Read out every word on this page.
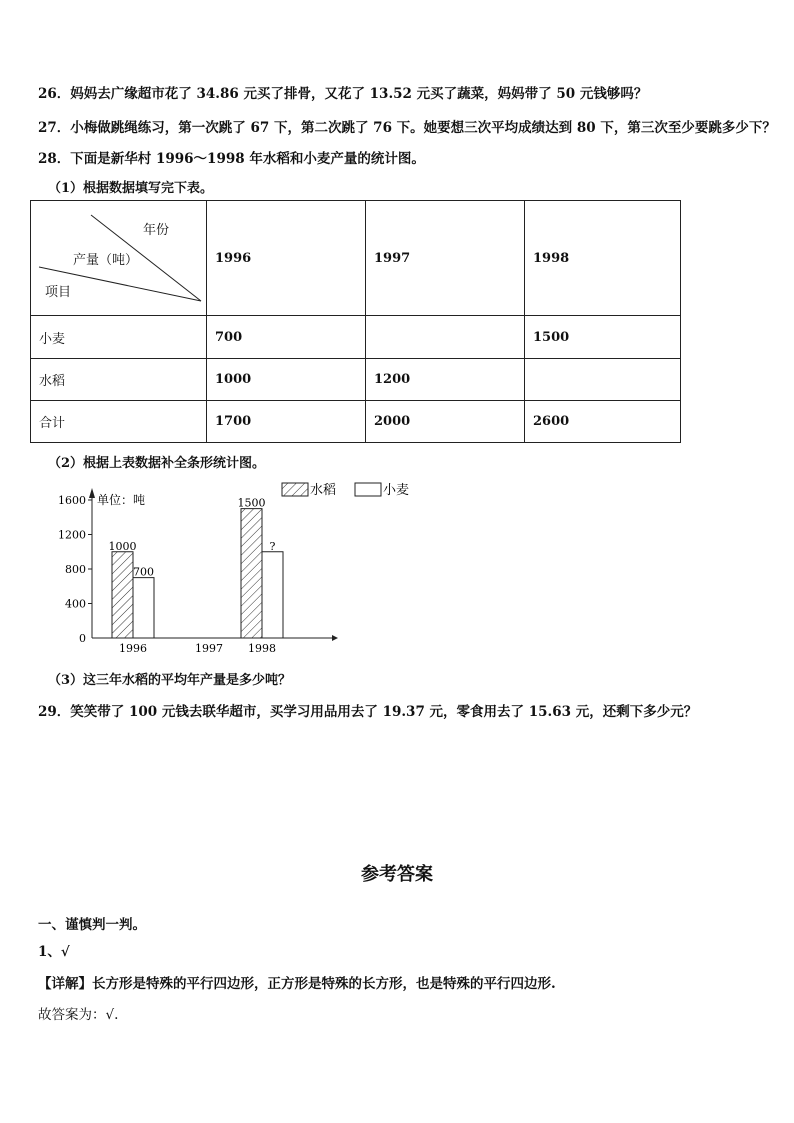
26．妈妈去广缘超市花了 34.86 元买了排骨，又花了 13.52 元买了蔬菜，妈妈带了 50 元钱够吗？
27．小梅做跳绳练习，第一次跳了 67 下，第二次跳了 76 下。她要想三次平均成绩达到 80 下，第三次至少要跳多少下？
28．下面是新华村 1996～1998 年水稻和小麦产量的统计图。
（1）根据数据填写完下表。
年份
产量（吨）
项目	1996	1997	1998
小麦	700		1500
水稻	1000	1200	
合计	1700	2000	2600
（2）根据上表数据补全条形统计图。
单位：吨
0
400
800
1200
1600
1000
700
1996	1997
1500
?
1998
水稻	小麦
（3）这三年水稻的平均年产量是多少吨？
29．笑笑带了 100 元钱去联华超市，买学习用品用去了 19.37 元，零食用去了 15.63 元，还剩下多少元？
参考答案
一、谨慎判一判。
1、√
【详解】长方形是特殊的平行四边形，正方形是特殊的长方形，也是特殊的平行四边形.
故答案为：√.
